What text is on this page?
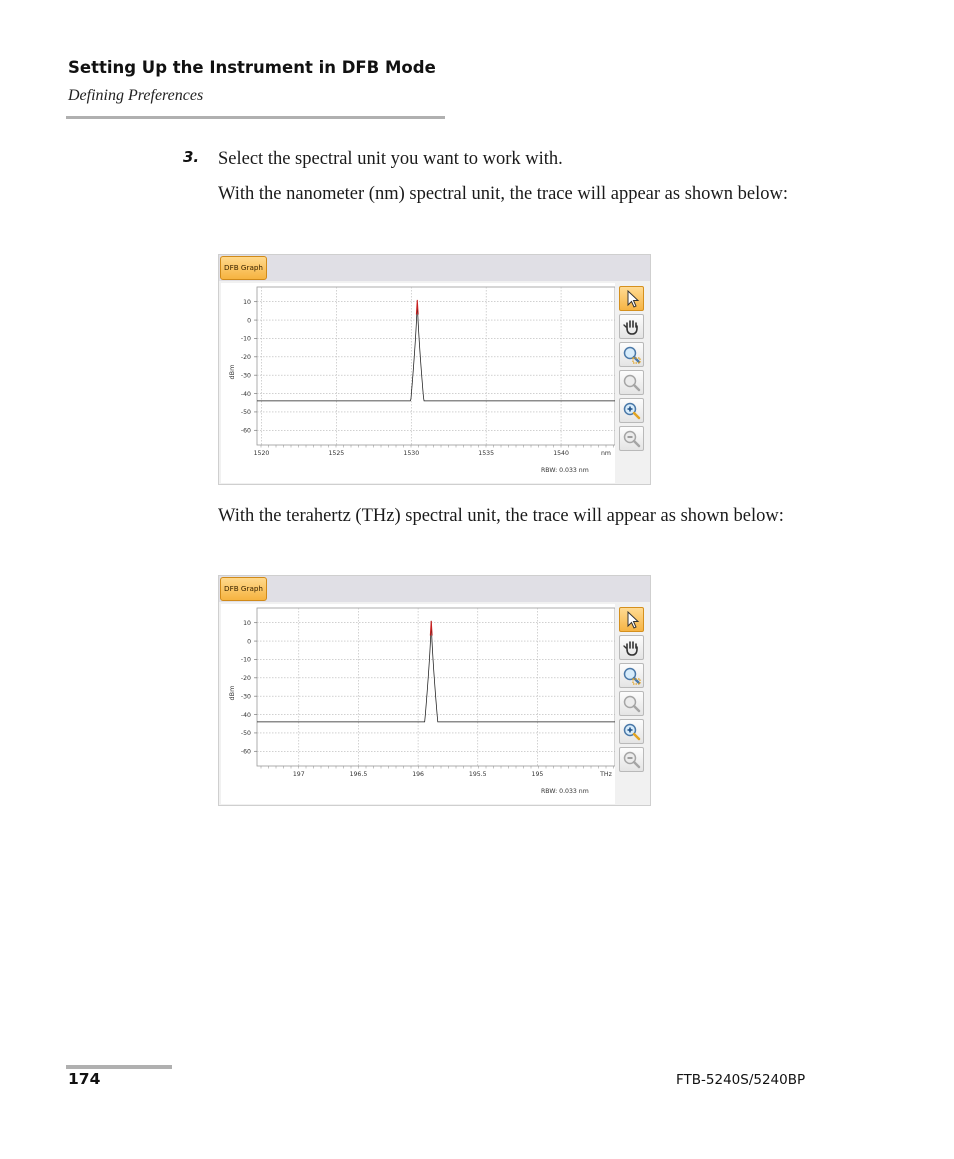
Setting Up the Instrument in DFB Mode
Defining Preferences
3. Select the spectral unit you want to work with.
With the nanometer (nm) spectral unit, the trace will appear as shown below:
DFB Graph
10
0
-10
-20
-30
-40
-50
-60
1520	1525	1530	1535	1540	nm
dBm
RBW: 0.033 nm
With the terahertz (THz) spectral unit, the trace will appear as shown below:
DFB Graph
10
0
-10
-20
-30
-40
-50
-60
197	196.5	196	195.5	195	THz
dBm
RBW: 0.033 nm
174	FTB-5240S/5240BP
